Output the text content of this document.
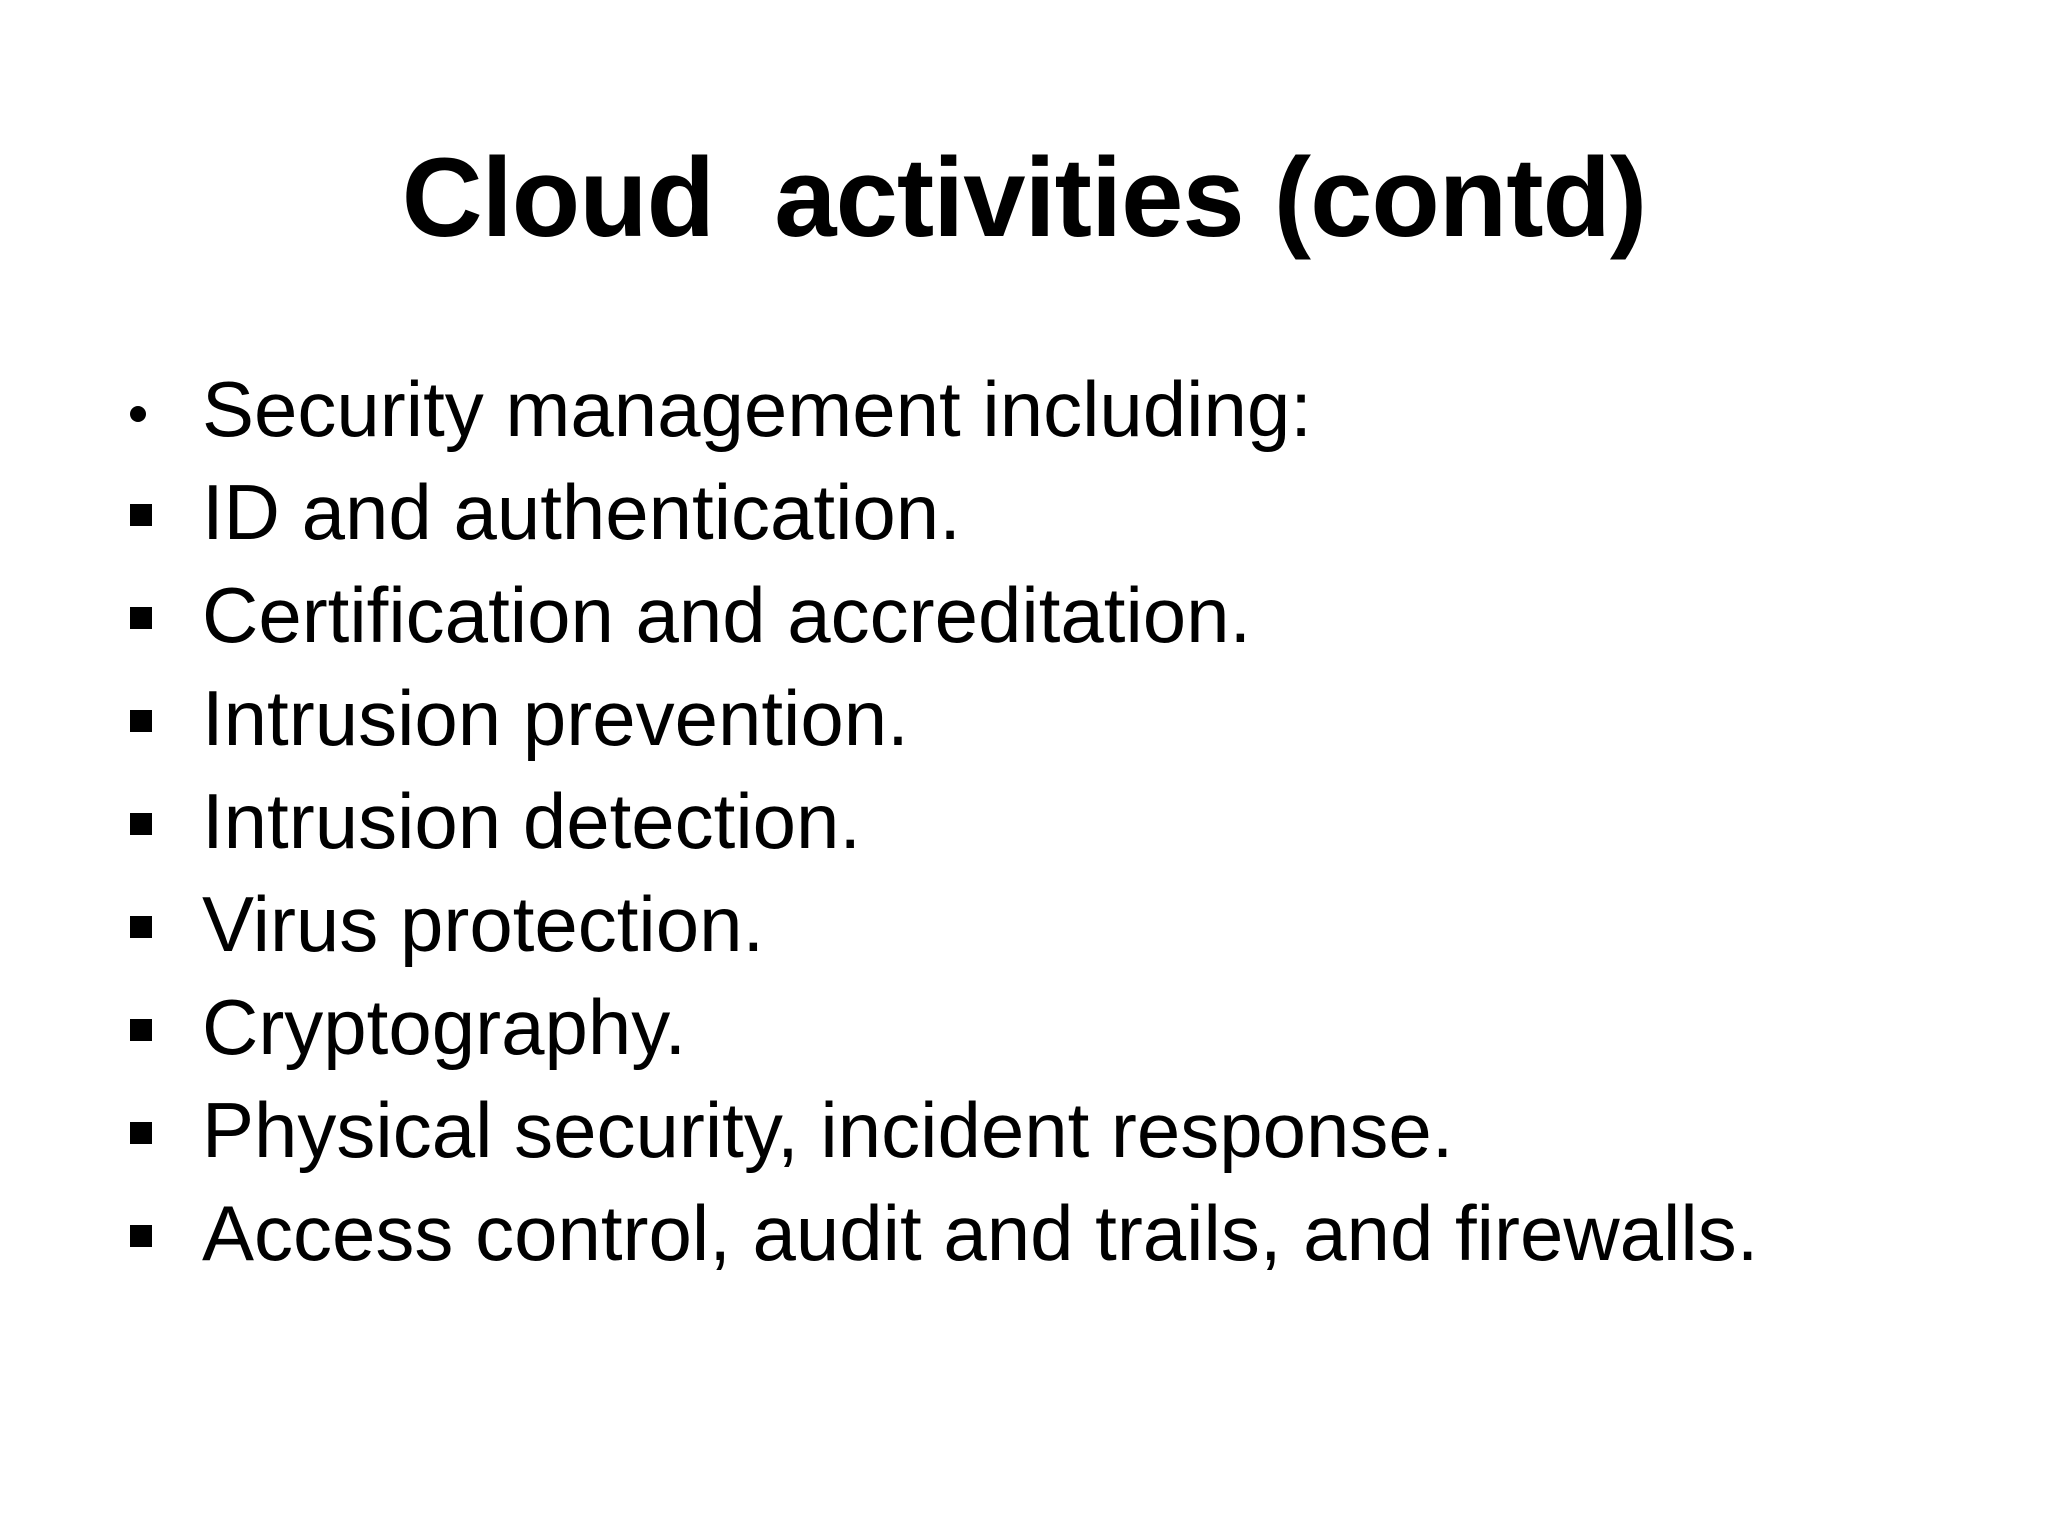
Cloud  activities (contd)
Security management including:
ID and authentication.
Certification and accreditation.
Intrusion prevention.
Intrusion detection.
Virus protection.
Cryptography.
Physical security, incident response.
Access control, audit and trails, and firewalls.
